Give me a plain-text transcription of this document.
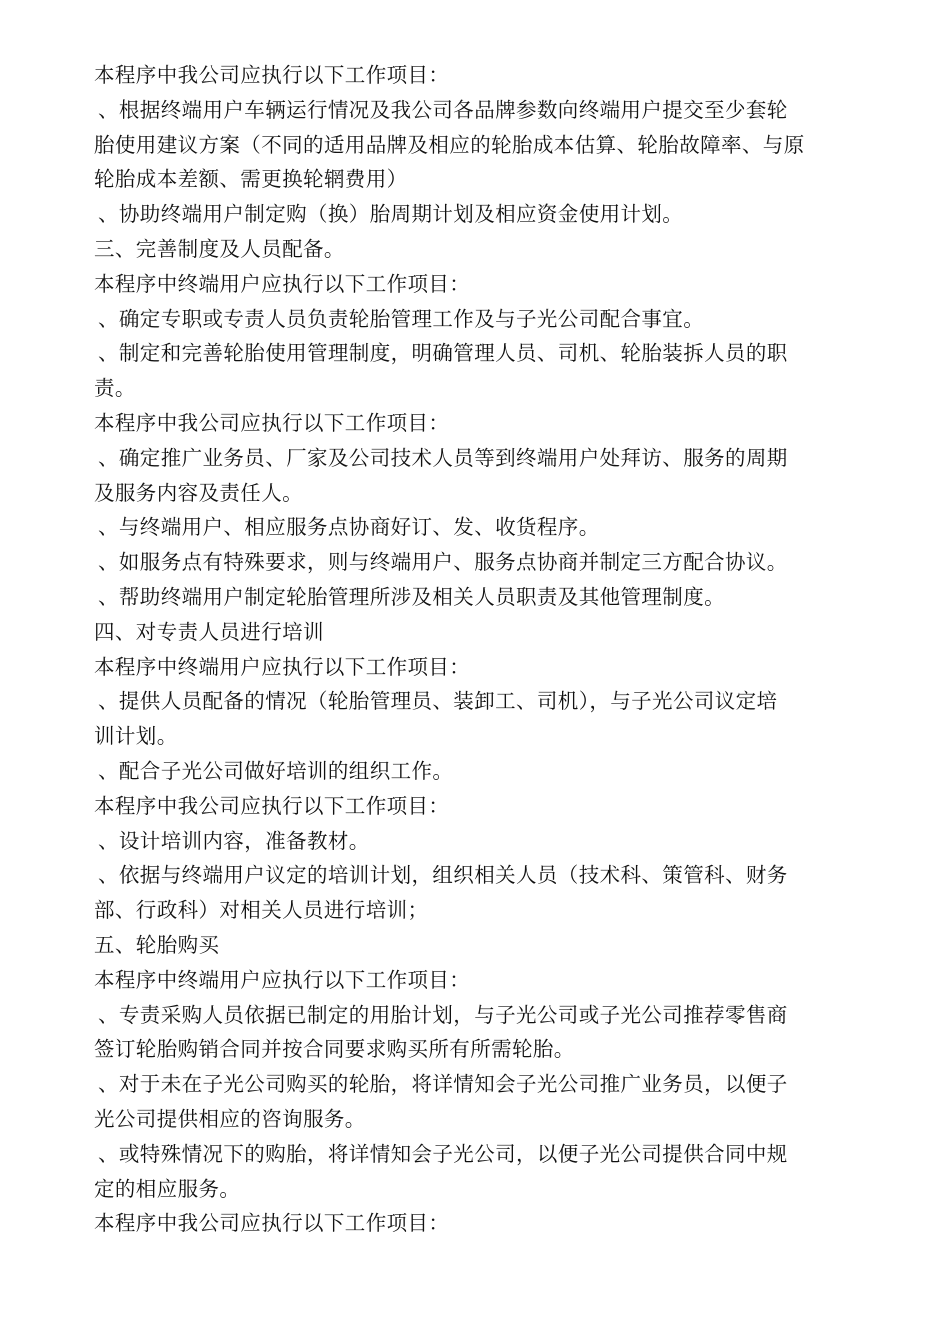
本程序中我公司应执行以下工作项目：
、根据终端用户车辆运行情况及我公司各品牌参数向终端用户提交至少套轮
胎使用建议方案（不同的适用品牌及相应的轮胎成本估算、轮胎故障率、与原
轮胎成本差额、需更换轮辋费用）
、协助终端用户制定购（换）胎周期计划及相应资金使用计划。
三、完善制度及人员配备。
本程序中终端用户应执行以下工作项目：
、确定专职或专责人员负责轮胎管理工作及与子光公司配合事宜。
、制定和完善轮胎使用管理制度，明确管理人员、司机、轮胎装拆人员的职
责。
本程序中我公司应执行以下工作项目：
、确定推广业务员、厂家及公司技术人员等到终端用户处拜访、服务的周期
及服务内容及责任人。
、与终端用户、相应服务点协商好订、发、收货程序。
、如服务点有特殊要求，则与终端用户、服务点协商并制定三方配合协议。
、帮助终端用户制定轮胎管理所涉及相关人员职责及其他管理制度。
四、对专责人员进行培训
本程序中终端用户应执行以下工作项目：
、提供人员配备的情况（轮胎管理员、装卸工、司机），与子光公司议定培
训计划。
、配合子光公司做好培训的组织工作。
本程序中我公司应执行以下工作项目：
、设计培训内容，准备教材。
、依据与终端用户议定的培训计划，组织相关人员（技术科、策管科、财务
部、行政科）对相关人员进行培训；
五、轮胎购买
本程序中终端用户应执行以下工作项目：
、专责采购人员依据已制定的用胎计划，与子光公司或子光公司推荐零售商
签订轮胎购销合同并按合同要求购买所有所需轮胎。
、对于未在子光公司购买的轮胎，将详情知会子光公司推广业务员，以便子
光公司提供相应的咨询服务。
、或特殊情况下的购胎，将详情知会子光公司，以便子光公司提供合同中规
定的相应服务。
本程序中我公司应执行以下工作项目：
